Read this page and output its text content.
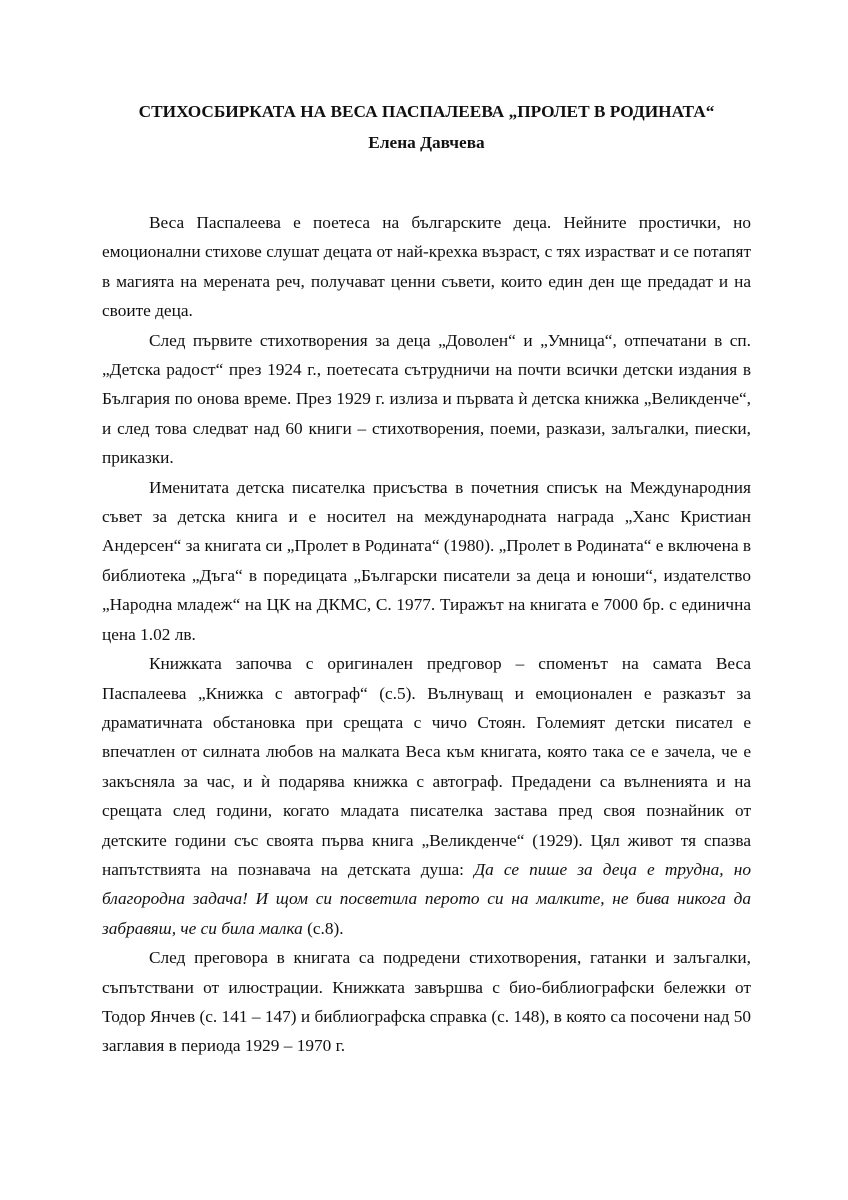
СТИХОСБИРКАТА НА ВЕСА ПАСПАЛЕЕВА „ПРОЛЕТ В РОДИНАТА“
Елена Давчева

Веса Паспалеева е поетеса на българските деца. Нейните простички, но емоционални стихове слушат децата от най-крехка възраст, с тях израстват и се потапят в магията на мерената реч, получават ценни съвети, които един ден ще предадат и на своите деца.

След първите стихотворения за деца „Доволен“ и „Умница“, отпечатани в сп. „Детска радост“ през 1924 г., поетесата сътрудничи на почти всички детски издания в България по онова време. През 1929 г. излиза и първата ѝ детска книжка „Великденче“, и след това следват над 60 книги – стихотворения, поеми, разкази, залъгалки, пиески, приказки.

Именитата детска писателка присъства в почетния списък на Международния съвет за детска книга и е носител на международната награда „Ханс Кристиан Андерсен“ за книгата си „Пролет в Родината“ (1980). „Пролет в Родината“ е включена в библиотека „Дъга“ в поредицата „Български писатели за деца и юноши“, издателство „Народна младеж“ на ЦК на ДКМС, С. 1977. Тиражът на книгата е 7000 бр. с единична цена 1.02 лв.

Книжката започва с оригинален предговор – споменът на самата Веса Паспалеева „Книжка с автограф“ (с.5). Вълнуващ и емоционален е разказът за драматичната обстановка при срещата с чичо Стоян. Големият детски писател е впечатлен от силната любов на малката Веса към книгата, която така се е зачела, че е закъсняла за час, и ѝ подарява книжка с автограф. Предадени са вълненията и на срещата след години, когато младата писателка застава пред своя познайник от детските години със своята първа книга „Великденче“ (1929). Цял живот тя спазва напътствията на познавача на детската душа: Да се пише за деца е трудна, но благородна задача! И щом си посветила перото си на малките, не бива никога да забравяш, че си била малка (с.8).

След преговора в книгата са подредени стихотворения, гатанки и залъгалки, съпътствани от илюстрации. Книжката завършва с био-библиографски бележки от Тодор Янчев (с. 141 – 147) и библиографска справка (с. 148), в която са посочени над 50 заглавия в периода 1929 – 1970 г.
